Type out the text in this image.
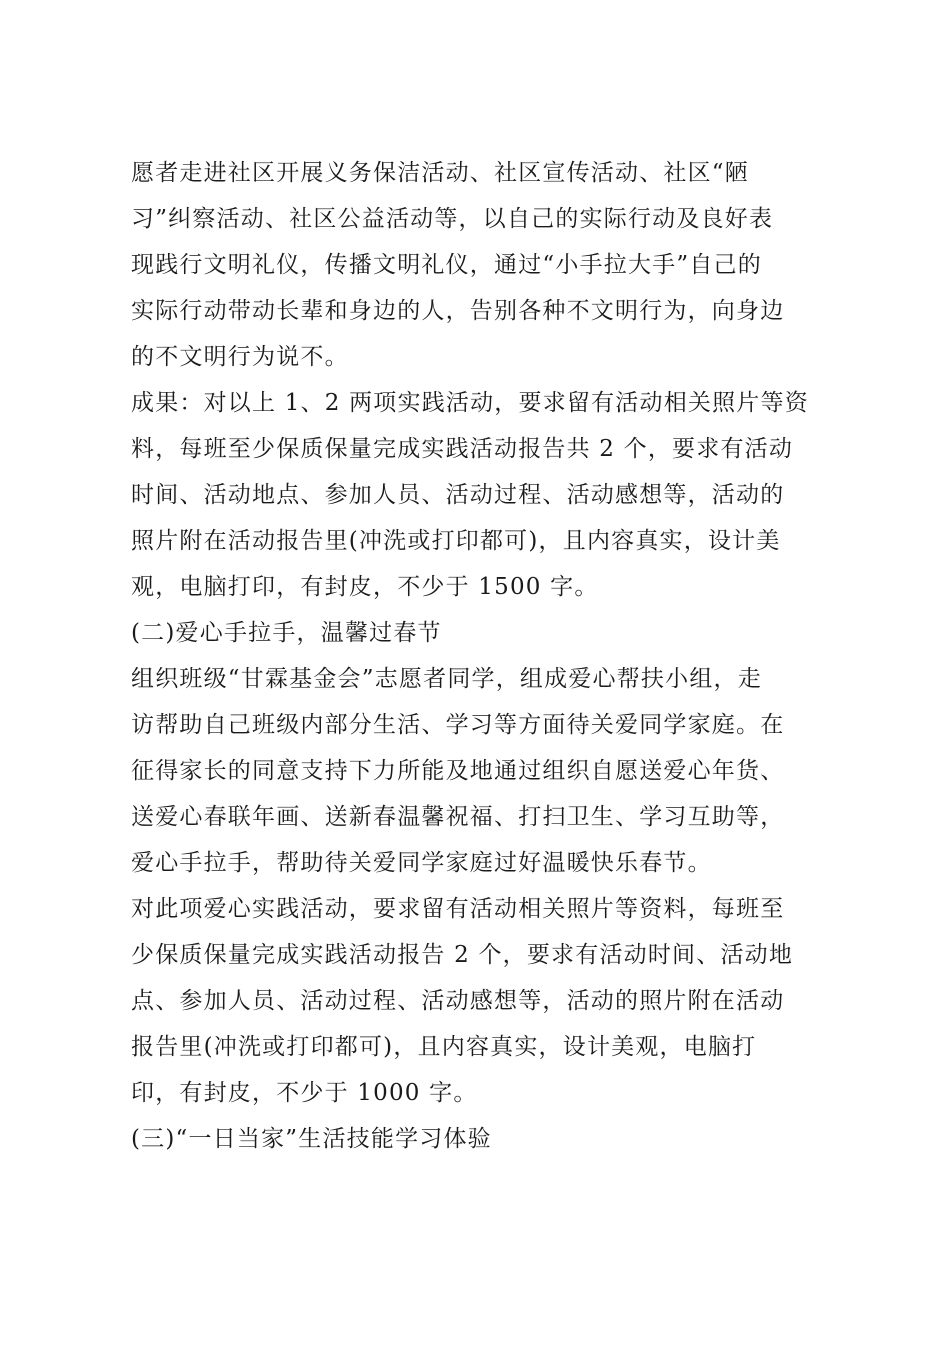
愿者走进社区开展义务保洁活动、社区宣传活动、社区“陋
习”纠察活动、社区公益活动等，以自己的实际行动及良好表
现践行文明礼仪，传播文明礼仪，通过“小手拉大手”自己的
实际行动带动长辈和身边的人，告别各种不文明行为，向身边
的不文明行为说不。
成果：对以上 1、2 两项实践活动，要求留有活动相关照片等资
料，每班至少保质保量完成实践活动报告共 2 个，要求有活动
时间、活动地点、参加人员、活动过程、活动感想等，活动的
照片附在活动报告里(冲洗或打印都可)，且内容真实，设计美
观，电脑打印，有封皮，不少于 1500 字。
(二)爱心手拉手，温馨过春节
组织班级“甘霖基金会”志愿者同学，组成爱心帮扶小组，走
访帮助自己班级内部分生活、学习等方面待关爱同学家庭。在
征得家长的同意支持下力所能及地通过组织自愿送爱心年货、
送爱心春联年画、送新春温馨祝福、打扫卫生、学习互助等，
爱心手拉手，帮助待关爱同学家庭过好温暖快乐春节。
对此项爱心实践活动，要求留有活动相关照片等资料，每班至
少保质保量完成实践活动报告 2 个，要求有活动时间、活动地
点、参加人员、活动过程、活动感想等，活动的照片附在活动
报告里(冲洗或打印都可)，且内容真实，设计美观，电脑打
印，有封皮，不少于 1000 字。
(三)“一日当家”生活技能学习体验
